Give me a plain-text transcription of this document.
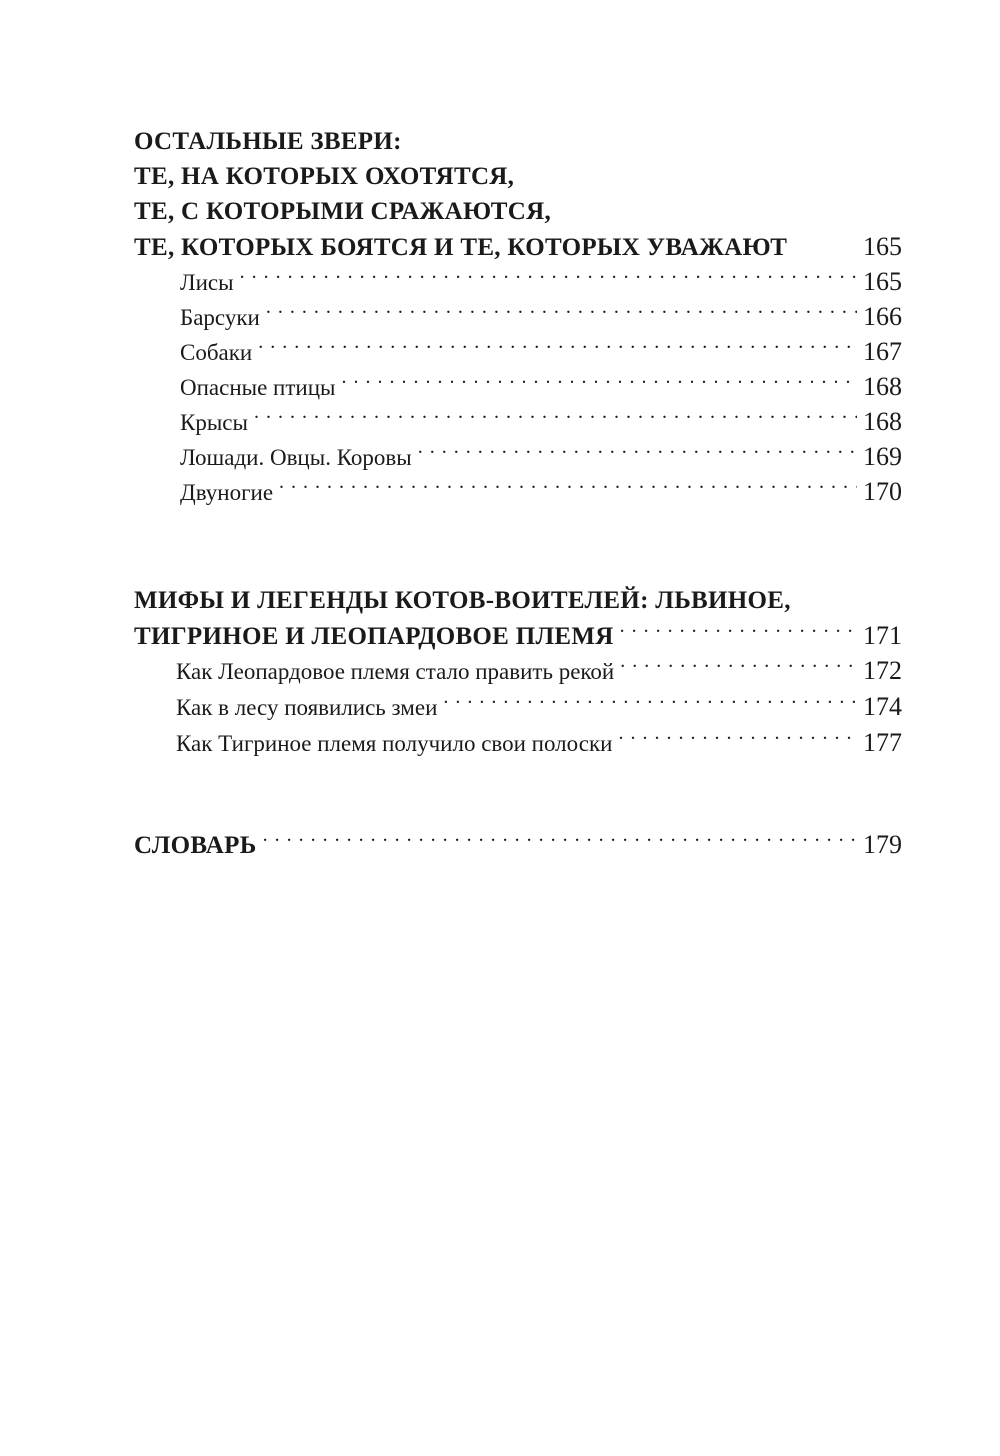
ОСТАЛЬНЫЕ ЗВЕРИ:
ТЕ, НА КОТОРЫХ ОХОТЯТСЯ,
ТЕ, С КОТОРЫМИ СРАЖАЮТСЯ,
ТЕ, КОТОРЫХ БОЯТСЯ И ТЕ, КОТОРЫХ УВАЖАЮТ	165
Лисы . . .	165
Барсуки . . .	166
Собаки . . .	167
Опасные птицы . . .	168
Крысы . . .	168
Лошади. Овцы. Коровы . . .	169
Двуногие . . .	170
МИФЫ И ЛЕГЕНДЫ КОТОВ-ВОИТЕЛЕЙ: ЛЬВИНОЕ,
ТИГРИНОЕ И ЛЕОПАРДОВОЕ ПЛЕМЯ . . .	171
Как Леопардовое племя стало править рекой . . .	172
Как в лесу появились змеи . . .	174
Как Тигриное племя получило свои полоски . . .	177
СЛОВАРЬ . . .	179
